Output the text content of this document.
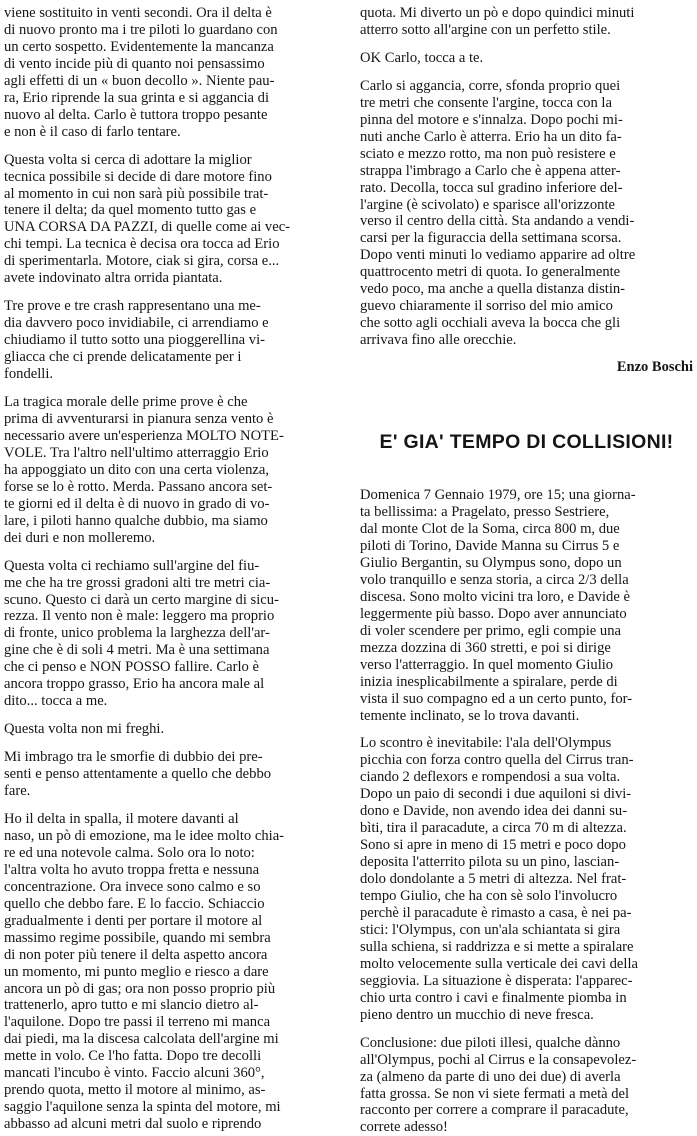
viene sostituito in venti secondi. Ora il delta è
di nuovo pronto ma i tre piloti lo guardano con
un certo sospetto. Evidentemente la mancanza
di vento incide più di quanto noi pensassimo
agli effetti di un « buon decollo ». Niente pau-
ra, Erio riprende la sua grinta e si aggancia di
nuovo al delta. Carlo è tuttora troppo pesante
e non è il caso di farlo tentare.

Questa volta si cerca di adottare la miglior
tecnica possibile si decide di dare motore fino
al momento in cui non sarà più possibile trat-
tenere il delta; da quel momento tutto gas e
UNA CORSA DA PAZZI, di quelle come ai vec-
chi tempi. La tecnica è decisa ora tocca ad Erio
di sperimentarla. Motore, ciak si gira, corsa e...
avete indovinato altra orrida piantata.

Tre prove e tre crash rappresentano una me-
dia davvero poco invidiabile, ci arrendiamo e
chiudiamo il tutto sotto una pioggerellina vi-
gliacca che ci prende delicatamente per i
fondelli.

La tragica morale delle prime prove è che
prima di avventurarsi in pianura senza vento è
necessario avere un'esperienza MOLTO NOTE-
VOLE. Tra l'altro nell'ultimo atterraggio Erio
ha appoggiato un dito con una certa violenza,
forse se lo è rotto. Merda. Passano ancora set-
te giorni ed il delta è di nuovo in grado di vo-
lare, i piloti hanno qualche dubbio, ma siamo
dei duri e non molleremo.

Questa volta ci rechiamo sull'argine del fiu-
me che ha tre grossi gradoni alti tre metri cia-
scuno. Questo ci darà un certo margine di sicu-
rezza. Il vento non è male: leggero ma proprio
di fronte, unico problema la larghezza dell'ar-
gine che è di soli 4 metri. Ma è una settimana
che ci penso e NON POSSO fallire. Carlo è
ancora troppo grasso, Erio ha ancora male al
dito... tocca a me.

Questa volta non mi freghi.

Mi imbrago tra le smorfie di dubbio dei pre-
senti e penso attentamente a quello che debbo
fare.

Ho il delta in spalla, il motere davanti al
naso, un pò di emozione, ma le idee molto chia-
re ed una notevole calma. Solo ora lo noto:
l'altra volta ho avuto troppa fretta e nessuna
concentrazione. Ora invece sono calmo e so
quello che debbo fare. E lo faccio. Schiaccio
gradualmente i denti per portare il motore al
massimo regime possibile, quando mi sembra
di non poter più tenere il delta aspetto ancora
un momento, mi punto meglio e riesco a dare
ancora un pò di gas; ora non posso proprio più
trattenerlo, apro tutto e mi slancio dietro al-
l'aquilone. Dopo tre passi il terreno mi manca
dai piedi, ma la discesa calcolata dell'argine mi
mette in volo. Ce l'ho fatta. Dopo tre decolli
mancati l'incubo è vinto. Faccio alcuni 360°,
prendo quota, metto il motore al minimo, as-
saggio l'aquilone senza la spinta del motore, mi
abbasso ad alcuni metri dal suolo e riprendo

quota. Mi diverto un pò e dopo quindici minuti
atterro sotto all'argine con un perfetto stile.

OK Carlo, tocca a te.

Carlo si aggancia, corre, sfonda proprio quei
tre metri che consente l'argine, tocca con la
pinna del motore e s'innalza. Dopo pochi mi-
nuti anche Carlo è atterra. Erio ha un dito fa-
sciato e mezzo rotto, ma non può resistere e
strappa l'imbrago a Carlo che è appena atter-
rato. Decolla, tocca sul gradino inferiore del-
l'argine (è scivolato) e sparisce all'orizzonte
verso il centro della città. Sta andando a vendi-
carsi per la figuraccia della settimana scorsa.
Dopo venti minuti lo vediamo apparire ad oltre
quattrocento metri di quota. Io generalmente
vedo poco, ma anche a quella distanza distin-
guevo chiaramente il sorriso del mio amico
che sotto agli occhiali aveva la bocca che gli
arrivava fino alle orecchie.

Enzo Boschi

E' GIA' TEMPO DI COLLISIONI!

Domenica 7 Gennaio 1979, ore 15; una giorna-
ta bellissima: a Pragelato, presso Sestriere,
dal monte Clot de la Soma, circa 800 m, due
piloti di Torino, Davide Manna su Cirrus 5 e
Giulio Bergantin, su Olympus sono, dopo un
volo tranquillo e senza storia, a circa 2/3 della
discesa. Sono molto vicini tra loro, e Davide è
leggermente più basso. Dopo aver annunciato
di voler scendere per primo, egli compie una
mezza dozzina di 360 stretti, e poi si dirige
verso l'atterraggio. In quel momento Giulio
inizia inesplicabilmente a spiralare, perde di
vista il suo compagno ed a un certo punto, for-
temente inclinato, se lo trova davanti.

Lo scontro è inevitabile: l'ala dell'Olympus
picchia con forza contro quella del Cirrus tran-
ciando 2 deflexors e rompendosi a sua volta.
Dopo un paio di secondi i due aquiloni si divi-
dono e Davide, non avendo idea dei danni su-
bìti, tira il paracadute, a circa 70 m di altezza.
Sono si apre in meno di 15 metri e poco dopo
deposita l'atterrito pilota su un pino, lascian-
dolo dondolante a 5 metri di altezza. Nel frat-
tempo Giulio, che ha con sè solo l'involucro
perchè il paracadute è rimasto a casa, è nei pa-
stici: l'Olympus, con un'ala schiantata si gira
sulla schiena, si raddrizza e si mette a spiralare
molto velocemente sulla verticale dei cavi della
seggiovia. La situazione è disperata: l'apparec-
chio urta contro i cavi e finalmente piomba in
pieno dentro un mucchio di neve fresca.

Conclusione: due piloti illesi, qualche dànno
all'Olympus, pochi al Cirrus e la consapevolez-
za (almeno da parte di uno dei due) di averla
fatta grossa. Se non vi siete fermati a metà del
racconto per correre a comprare il paracadute,
correte adesso!
